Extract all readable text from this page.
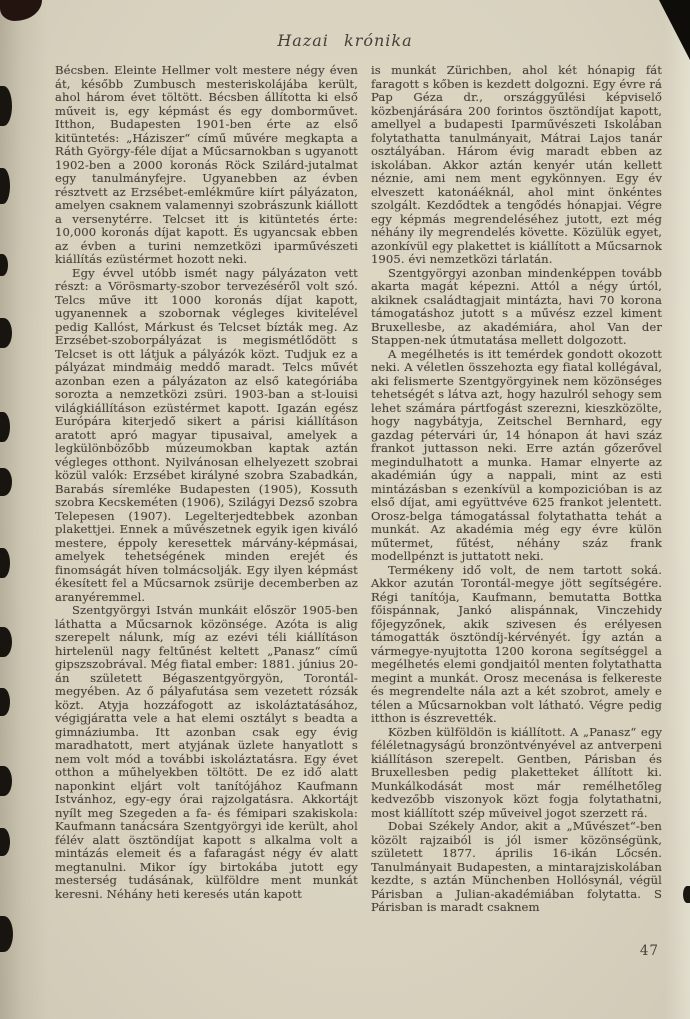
Hazai krónika

Bécsben. Eleinte Hellmer volt mestere négy éven át, később Zumbusch mesteriskolájába került, ahol három évet töltött. Bécsben állította ki első műveit is, egy képmást és egy domborművet. Itthon, Budapesten 1901-ben érte az első kitüntetés: „Háziszer“ című művére megkapta a Ráth György-féle díjat a Műcsarnokban s ugyanott 1902-ben a 2000 koronás Röck Szilárd-jutalmat egy tanulmányfejre. Ugyanebben az évben résztvett az Erzsébet-emlékműre kiírt pályázaton, amelyen csaknem valamennyi szobrászunk kiállott a versenytérre. Telcset itt is kitüntetés érte: 10,000 koronás díjat kapott. És ugyancsak ebben az évben a turini nemzetközi iparművészeti kiállítás ezüstérmet hozott neki.

Egy évvel utóbb ismét nagy pályázaton vett részt: a Vörösmarty-szobor tervezéséről volt szó. Telcs műve itt 1000 koronás díjat kapott, ugyanennek a szobornak végleges kivitelével pedig Kallóst, Márkust és Telcset bízták meg. Az Erzsébet-szoborpályázat is megismétlődött s Telcset is ott látjuk a pályázók közt. Tudjuk ez a pályázat mindmáig meddő maradt. Telcs művét azonban ezen a pályázaton az első kategóriába sorozta a nemzetközi zsüri. 1903-ban a st-louisi világkiállításon ezüstérmet kapott. Igazán egész Európára kiterjedő sikert a párisi kiállításon aratott apró magyar tipusaival, amelyek a legkülönbözőbb múzeumokban kaptak aztán végleges otthont. Nyilvánosan elhelyezett szobrai közül valók: Erzsébet királyné szobra Szabadkán, Barabás síremléke Budapesten (1905), Kossuth szobra Kecskeméten (1906), Szilágyi Dezső szobra Telepesen (1907). Legelterjedtebbek azonban plakettjei. Ennek a művészetnek egyik igen kiváló mestere, éppoly keresettek márvány-képmásai, amelyek tehetségének minden erejét és finomságát híven tolmácsolják. Egy ilyen képmást ékesített fel a Műcsarnok zsürije decemberben az aranyéremmel.

Szentgyörgyi István munkáit először 1905-ben láthatta a Műcsarnok közönsége. Azóta is alig szerepelt nálunk, míg az ezévi téli kiállításon hirtelenül nagy feltűnést keltett „Panasz“ című gipszszobrával. Még fiatal ember: 1881. június 20-án született Bégaszentgyörgyön, Torontál-megyében. Az ő pályafutása sem vezetett rózsák közt. Atyja hozzáfogott az iskoláztatásához, végigjáratta vele a hat elemi osztályt s beadta a gimnáziumba. Itt azonban csak egy évig maradhatott, mert atyjának üzlete hanyatlott s nem volt mód a további iskoláztatásra. Egy évet otthon a műhelyekben töltött. De ez idő alatt naponkint eljárt volt tanítójához Kaufmann Istvánhoz, egy-egy órai rajzolgatásra. Akkortájt nyílt meg Szegeden a fa- és fémipari szakiskola: Kaufmann tanácsára Szentgyörgyi ide került, ahol félév alatt ösztöndíjat kapott s alkalma volt a mintázás elemeit és a fafaragást négy év alatt megtanulni. Mikor így birtokába jutott egy mesterség tudásának, külföldre ment munkát keresni. Néhány heti keresés után kapott

is munkát Zürichben, ahol két hónapig fát faragott s kőben is kezdett dolgozni. Egy évre rá Pap Géza dr., országgyűlési képviselő közbenjárására 200 forintos ösztöndíjat kapott, amellyel a budapesti Iparművészeti Iskolában folytathatta tanulmányait, Mátrai Lajos tanár osztályában. Három évig maradt ebben az iskolában. Akkor aztán kenyér után kellett néznie, ami nem ment egykönnyen. Egy év elveszett katonáéknál, ahol mint önkéntes szolgált. Kezdődtek a tengődés hónapjai. Végre egy képmás megrendeléséhez jutott, ezt még néhány ily megrendelés követte. Közülük egyet, azonkívül egy plakettet is kiállított a Műcsarnok 1905. évi nemzetközi tárlatán.

Szentgyörgyi azonban mindenképpen tovább akarta magát képezni. Attól a négy úrtól, akiknek családtagjait mintázta, havi 70 korona támogatáshoz jutott s a művész ezzel kiment Bruxellesbe, az akadémiára, ahol Van der Stappen-nek útmutatása mellett dolgozott.

A megélhetés is itt temérdek gondott okozott neki. A véletlen összehozta egy fiatal kollégával, aki felismerte Szentgyörgyinek nem közönséges tehetségét s látva azt, hogy hazulról sehogy sem lehet számára pártfogást szerezni, kieszközölte, hogy nagybátyja, Zeitschel Bernhard, egy gazdag pétervári úr, 14 hónapon át havi száz frankot juttasson neki. Erre aztán gőzerővel megindulhatott a munka. Hamar elnyerte az akadémián úgy a nappali, mint az esti mintázásban s ezenkívül a kompozicióban is az első díjat, ami együttvéve 625 frankot jelentett. Orosz-belga támogatással folytathatta tehát a munkát. Az akadémia még egy évre külön műtermet, fűtést, néhány száz frank modellpénzt is juttatott neki.

Termékeny idő volt, de nem tartott soká. Akkor azután Torontál-megye jött segítségére. Régi tanítója, Kaufmann, bemutatta Bottka főispánnak, Jankó alispánnak, Vinczehidy főjegyzőnek, akik szivesen és erélyesen támogatták ösztöndíj-kérvényét. Így aztán a vármegye-nyujtotta 1200 korona segítséggel a megélhetés elemi gondjaitól menten folytathatta megint a munkát. Orosz mecenása is felkereste és megrendelte nála azt a két szobrot, amely e télen a Műcsarnokban volt látható. Végre pedig itthon is észrevették.

Közben külföldön is kiállított. A „Panasz“ egy féléletnagyságú bronzöntvényével az antverpeni kiállításon szerepelt. Gentben, Párisban és Bruxellesben pedig plaketteket állított ki. Munkálkodását most már remélhetőleg kedvezőbb viszonyok közt fogja folytathatni, most kiállított szép műveivel jogot szerzett rá.

Dobai Székely Andor, akit a „Művészet“-ben közölt rajzaiból is jól ismer közönségünk, született 1877. április 16-ikán Lőcsén. Tanulmányait Budapesten, a mintarajziskolában kezdte, s aztán Münchenben Hollósynál, végül Párisban a Julian-akadémiában folytatta. S Párisban is maradt csaknem

47
